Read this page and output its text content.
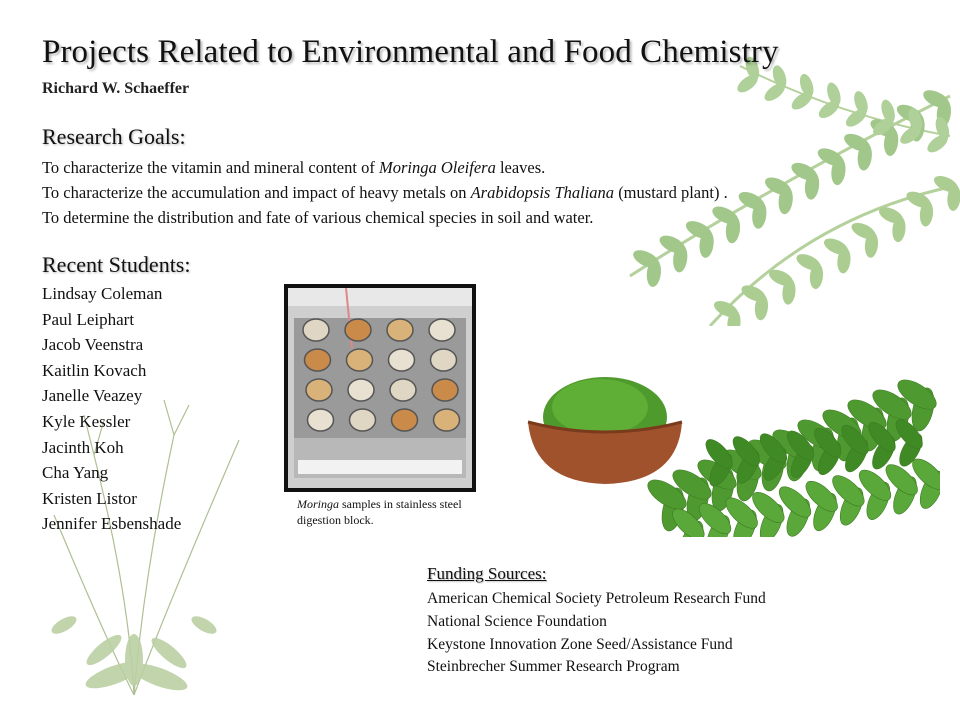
Moringa samples in stainless steel digestion block.
Projects Related to Environmental and Food Chemistry
Richard W. Schaeffer
Research Goals:
To characterize the vitamin and mineral content of Moringa Oleifera leaves.
To characterize the accumulation and impact of heavy metals on Arabidopsis Thaliana (mustard plant) .
To determine the distribution and fate of various chemical species in soil and water.
Recent Students:
Lindsay Coleman
Paul Leiphart
Jacob Veenstra
Kaitlin Kovach
Janelle Veazey
Kyle Kessler
Jacinth Koh
Cha Yang
Kristen Listor
Jennifer Esbenshade
Funding Sources:
American Chemical Society Petroleum Research Fund
National Science Foundation
Keystone Innovation Zone Seed/Assistance Fund
Steinbrecher Summer Research Program
